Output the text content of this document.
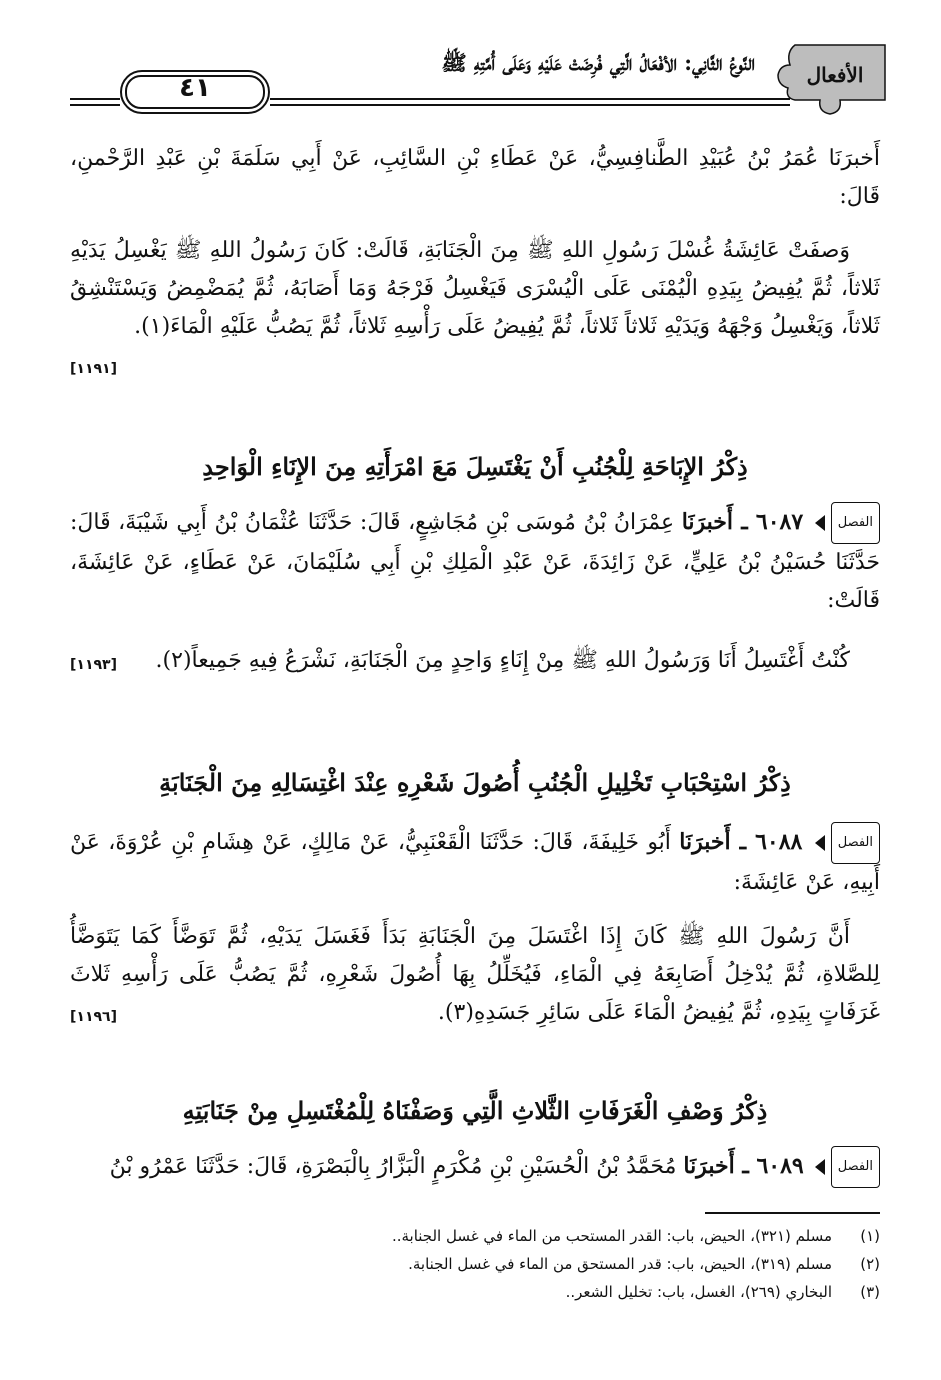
٤١
النَّوعُ الثَّانِي: الأفْعَالُ الَّتِي فُرِضَتْ عَلَيْهِ وَعَلَى أُمَّتِهِ ﷺ	الأفعال
أَخبرَنَا عُمَرُ بْنُ عُبَيْدِ الطَّنافِسِيُّ، عَنْ عَطَاءِ بْنِ السَّائِبِ، عَنْ أَبِي سَلَمَةَ بْنِ عَبْدِ الرَّحْمنِ، قَالَ:
وَصفَتْ عَائِشَةُ غُسْلَ رَسُولِ اللهِ ﷺ مِنَ الْجَنَابَةِ، قَالَتْ: كَانَ رَسُولُ اللهِ ﷺ يَغْسِلُ يَدَيْهِ ثَلاثاً، ثُمَّ يُفِيضُ بِيَدِهِ الْيُمْنَى عَلَى الْيُسْرَى فَيَغْسِلُ فَرْجَهُ وَمَا أَصَابَهُ، ثُمَّ يُمَضْمِضُ وَيَسْتَنْشِقُ ثَلاثاً، وَيَغْسِلُ وَجْهَهُ وَيَدَيْهِ ثَلاثاً ثَلاثاً، ثُمَّ يُفِيضُ عَلَى رَأْسِهِ ثَلاثاً، ثُمَّ يَصُبُّ عَلَيْهِ الْمَاءَ(١).
[١١٩١]
ذِكْرُ الإِبَاحَةِ لِلْجُنُبِ أَنْ يَغْتَسِلَ مَعَ امْرَأَتِهِ مِنَ الإِنَاءِ الْوَاحِدِ
الفصل ٦٠٨٧ ـ أَخبرَنَا عِمْرَانُ بْنُ مُوسَى بْنِ مُجَاشِعٍ، قَالَ: حَدَّثَنَا عُثْمَانُ بْنُ أَبِي شَيْبَةَ، قَالَ: حَدَّثَنَا حُسَيْنُ بْنُ عَلِيٍّ، عَنْ زَائِدَةَ، عَنْ عَبْدِ الْمَلِكِ بْنِ أَبِي سُلَيْمَانَ، عَنْ عَطَاءٍ، عَنْ عَائِشَةَ، قَالَتْ:
كُنْتُ أَغْتَسِلُ أَنَا وَرَسُولُ اللهِ ﷺ مِنْ إِنَاءٍ وَاحِدٍ مِنَ الْجَنَابَةِ، نَشْرَعُ فِيهِ جَمِيعاً(٢).
[١١٩٣]
ذِكْرُ اسْتِحْبَابِ تَخْلِيلِ الْجُنُبِ أُصُولَ شَعْرِهِ عِنْدَ اغْتِسَالِهِ مِنَ الْجَنَابَةِ
الفصل ٦٠٨٨ ـ أَخبرَنَا أَبُو خَلِيفَةَ، قَالَ: حَدَّثَنَا الْقَعْنَبِيُّ، عَنْ مَالِكٍ، عَنْ هِشَامِ بْنِ عُرْوَةَ، عَنْ أَبِيهِ، عَنْ عَائِشَةَ:
أَنَّ رَسُولَ اللهِ ﷺ كَانَ إِذَا اغْتَسَلَ مِنَ الْجَنَابَةِ بَدَأَ فَغَسَلَ يَدَيْهِ، ثُمَّ تَوَضَّأَ كَمَا يَتَوَضَّأُ لِلصَّلاةِ، ثُمَّ يُدْخِلُ أَصَابِعَهُ فِي الْمَاءِ، فَيُخَلِّلُ بِهَا أُصُولَ شَعْرِهِ، ثُمَّ يَصُبُّ عَلَى رَأْسِهِ ثَلاثَ غَرَفَاتٍ بِيَدِهِ، ثُمَّ يُفِيضُ الْمَاءَ عَلَى سَائِرِ جَسَدِهِ(٣).
[١١٩٦]
ذِكْرُ وَصْفِ الْغَرَفَاتِ الثَّلاثِ الَّتِي وَصَفْنَاهُ لِلْمُغْتَسِلِ مِنْ جَنَابَتِهِ
الفصل ٦٠٨٩ ـ أَخبرَنَا مُحَمَّدُ بْنُ الْحُسَيْنِ بْنِ مُكْرَمٍ الْبَزَّارُ بِالْبَصْرَةِ، قَالَ: حَدَّثَنَا عَمْرُو بْنُ
(١)مسلم (٣٢١)، الحيض، باب: القدر المستحب من الماء في غسل الجنابة..
(٢)مسلم (٣١٩)، الحيض، باب: قدر المستحق من الماء في غسل الجنابة.
(٣)البخاري (٢٦٩)، الغسل، باب: تخليل الشعر..
